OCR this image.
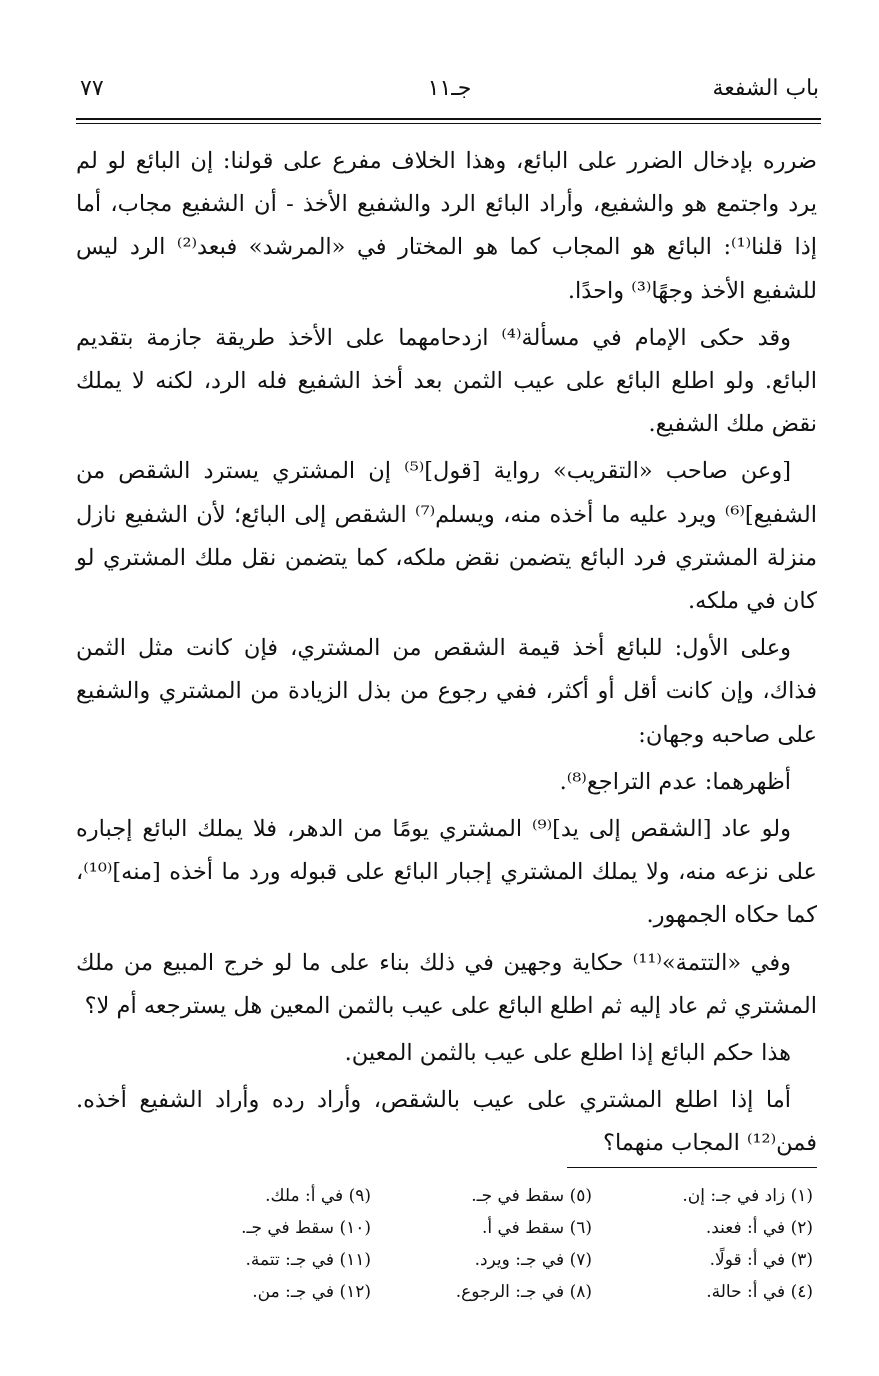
باب الشفعة
جـ١١
٧٧

ضرره بإدخال الضرر على البائع، وهذا الخلاف مفرع على قولنا: إن البائع لو لم يرد واجتمع هو والشفيع، وأراد البائع الرد والشفيع الأخذ - أن الشفيع مجاب، أما إذا قلنا⁽¹⁾: البائع هو المجاب كما هو المختار في «المرشد» فبعد⁽²⁾ الرد ليس للشفيع الأخذ وجهًا⁽³⁾ واحدًا.

وقد حكى الإمام في مسألة⁽⁴⁾ ازدحامهما على الأخذ طريقة جازمة بتقديم البائع. ولو اطلع البائع على عيب الثمن بعد أخذ الشفيع فله الرد، لكنه لا يملك نقض ملك الشفيع.

[وعن صاحب «التقريب» رواية [قول]⁽⁵⁾ إن المشتري يسترد الشقص من الشفيع]⁽⁶⁾ ويرد عليه ما أخذه منه، ويسلم⁽⁷⁾ الشقص إلى البائع؛ لأن الشفيع نازل منزلة المشتري فرد البائع يتضمن نقض ملكه، كما يتضمن نقل ملك المشتري لو كان في ملكه.

وعلى الأول: للبائع أخذ قيمة الشقص من المشتري، فإن كانت مثل الثمن فذاك، وإن كانت أقل أو أكثر، ففي رجوع من بذل الزيادة من المشتري والشفيع على صاحبه وجهان:

أظهرهما: عدم التراجع⁽⁸⁾.

ولو عاد [الشقص إلى يد]⁽⁹⁾ المشتري يومًا من الدهر، فلا يملك البائع إجباره على نزعه منه، ولا يملك المشتري إجبار البائع على قبوله ورد ما أخذه [منه]⁽¹⁰⁾، كما حكاه الجمهور.

وفي «التتمة»⁽¹¹⁾ حكاية وجهين في ذلك بناء على ما لو خرج المبيع من ملك المشتري ثم عاد إليه ثم اطلع البائع على عيب بالثمن المعين هل يسترجعه أم لا؟

هذا حكم البائع إذا اطلع على عيب بالثمن المعين.

أما إذا اطلع المشتري على عيب بالشقص، وأراد رده وأراد الشفيع أخذه. فمن⁽¹²⁾ المجاب منهما؟

(١) زاد في جـ: إن.
(٥) سقط في جـ.
(٩) في أ: ملك.
(٢) في أ: فعند.
(٦) سقط في أ.
(١٠) سقط في جـ.
(٣) في أ: قولًا.
(٧) في جـ: ويرد.
(١١) في جـ: تتمة.
(٤) في أ: حالة.
(٨) في جـ: الرجوع.
(١٢) في جـ: من.
